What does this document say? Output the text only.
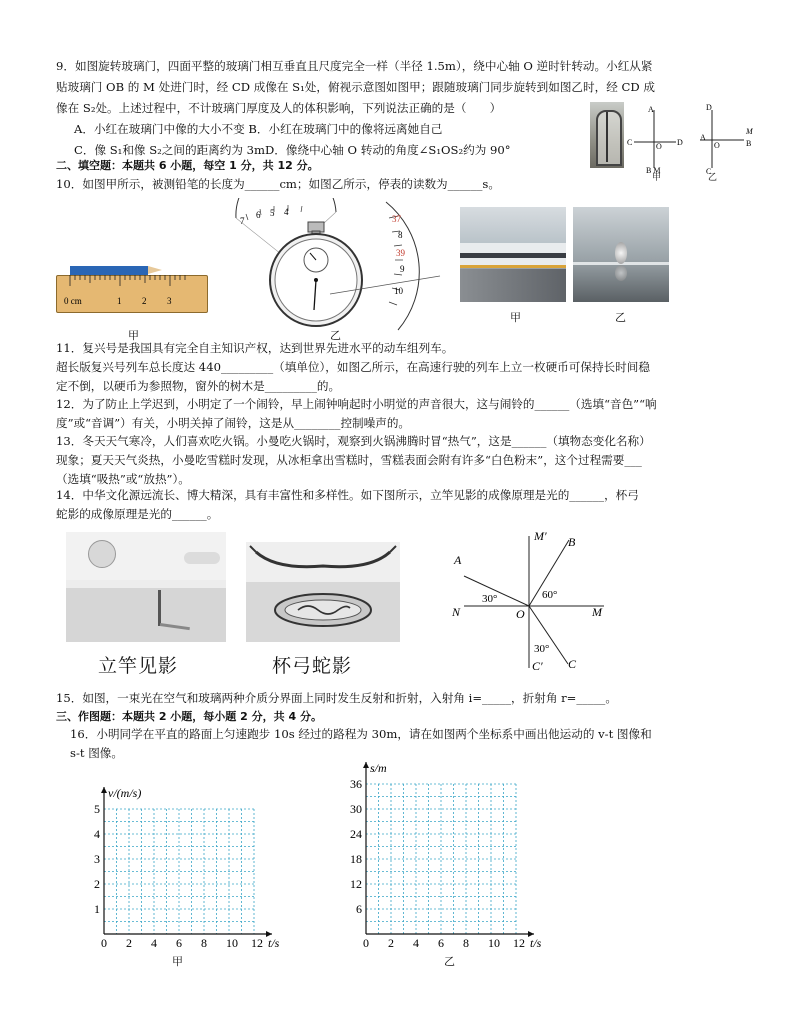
9．如图旋转玻璃门，四面平整的玻璃门相互垂直且尺度完全一样（半径 1.5m），绕中心轴 O 逆时针转动。小红从紧
贴玻璃门 OB 的 M 处进门时，经 CD 成像在 S₁处，俯视示意图如图甲；跟随玻璃门同步旋转到如图乙时，经 CD 成
像在 S₂处。上述过程中，不计玻璃门厚度及人的体积影响，下列说法正确的是（　　）
A．小红在玻璃门中像的大小不变 B．小红在玻璃门中的像将远离她自己
C．像 S₁和像 S₂之间的距离约为 3mD．像绕中心轴 O 转动的角度∠S₁OS₂约为 90°
A
C	O D
B M
甲
D
A
O
M
B
C
乙
二、填空题：本题共 6 小题，每空 1 分，共 12 分。
10．如图甲所示，被测铅笔的长度为______cm；如图乙所示，停表的读数为______s。
0 cm	1 2 3
甲
7
6 5 4
37
8
39
9
10
乙
甲	乙
11．复兴号是我国具有完全自主知识产权，达到世界先进水平的动车组列车。
超长版复兴号列车总长度达 440_________（填单位），如图乙所示，在高速行驶的列车上立一枚硬币可保持长时间稳
定不倒，以硬币为参照物，窗外的树木是_________的。
12．为了防止上学迟到，小明定了一个闹铃，早上闹钟响起时小明觉的声音很大，这与闹铃的______（选填“音色”“响
度”或“音调”）有关，小明关掉了闹铃，这是从________控制噪声的。
13．冬天天气寒冷，人们喜欢吃火锅。小曼吃火锅时，观察到火锅沸腾时冒“热气”，这是______（填物态变化名称）
现象；夏天天气炎热，小曼吃雪糕时发现，从冰柜拿出雪糕时，雪糕表面会附有许多“白色粉末”，这个过程需要___
（选填“吸热”或“放热”）。
14．中华文化源远流长、博大精深，具有丰富性和多样性。如下图所示，立竿见影的成像原理是光的______，杯弓
蛇影的成像原理是光的______。
立竿见影	杯弓蛇影
M′ B
A
30°	60°
N	O	M
30°
C′ C
15．如图，一束光在空气和玻璃两种介质分界面上同时发生反射和折射，入射角 i=_____，折射角 r=_____。
三、作图题：本题共 2 小题，每小题 2 分，共 4 分。
16．小明同学在平直的路面上匀速跑步 10s 经过的路程为 30m，请在如图两个坐标系中画出他运动的 v-t 图像和
s-t 图像。
0 2 4 6 8 10 12
5
4
3
2
1
v/(m/s)
t/s
甲
0 2 4 6 8 10 12
36
30
24
18
12
6
s/m
t/s
乙
